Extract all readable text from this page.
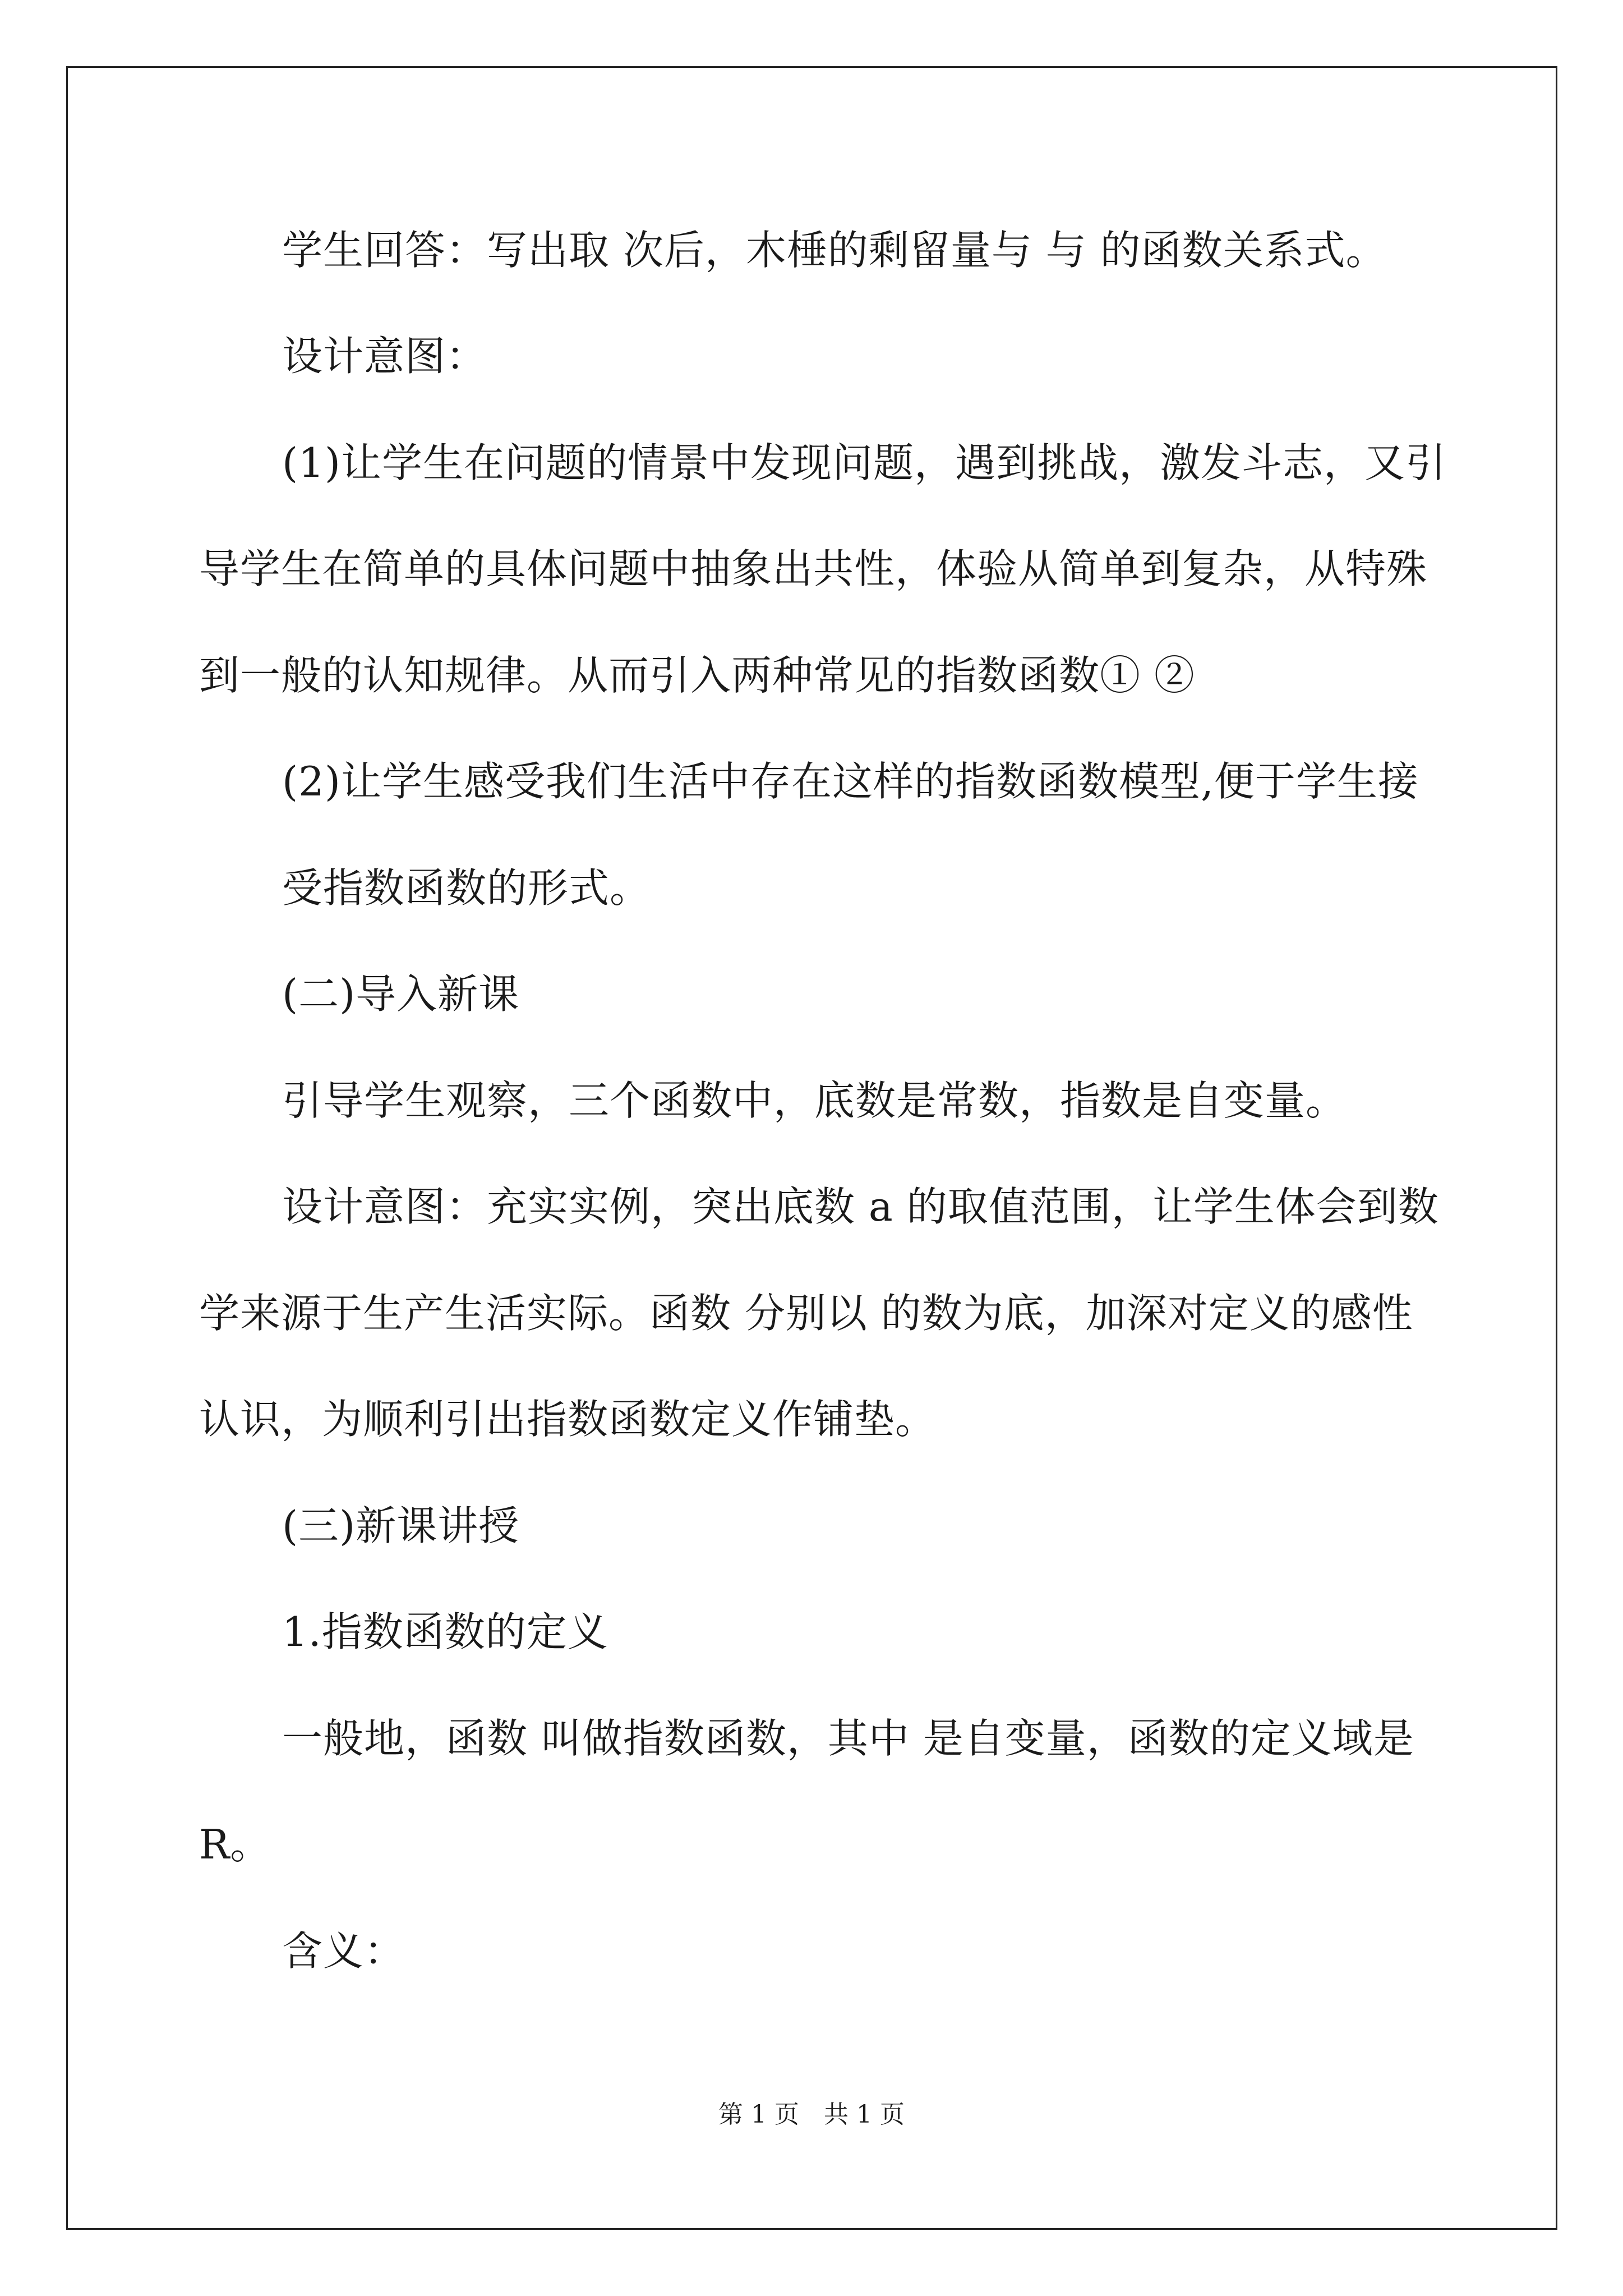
学生回答：写出取 次后，木棰的剩留量与 与 的函数关系式。
设计意图：
(1)让学生在问题的情景中发现问题，遇到挑战，激发斗志，又引
导学生在简单的具体问题中抽象出共性，体验从简单到复杂，从特殊
到一般的认知规律。从而引入两种常见的指数函数① ②
(2)让学生感受我们生活中存在这样的指数函数模型,便于学生接
受指数函数的形式。
(二)导入新课
引导学生观察，三个函数中，底数是常数，指数是自变量。
设计意图：充实实例，突出底数 a 的取值范围，让学生体会到数
学来源于生产生活实际。函数 分别以 的数为底，加深对定义的感性
认识，为顺利引出指数函数定义作铺垫。
(三)新课讲授
1.指数函数的定义
一般地，函数 叫做指数函数，其中 是自变量，函数的定义域是
R。
含义：
第 1 页　共 1 页
